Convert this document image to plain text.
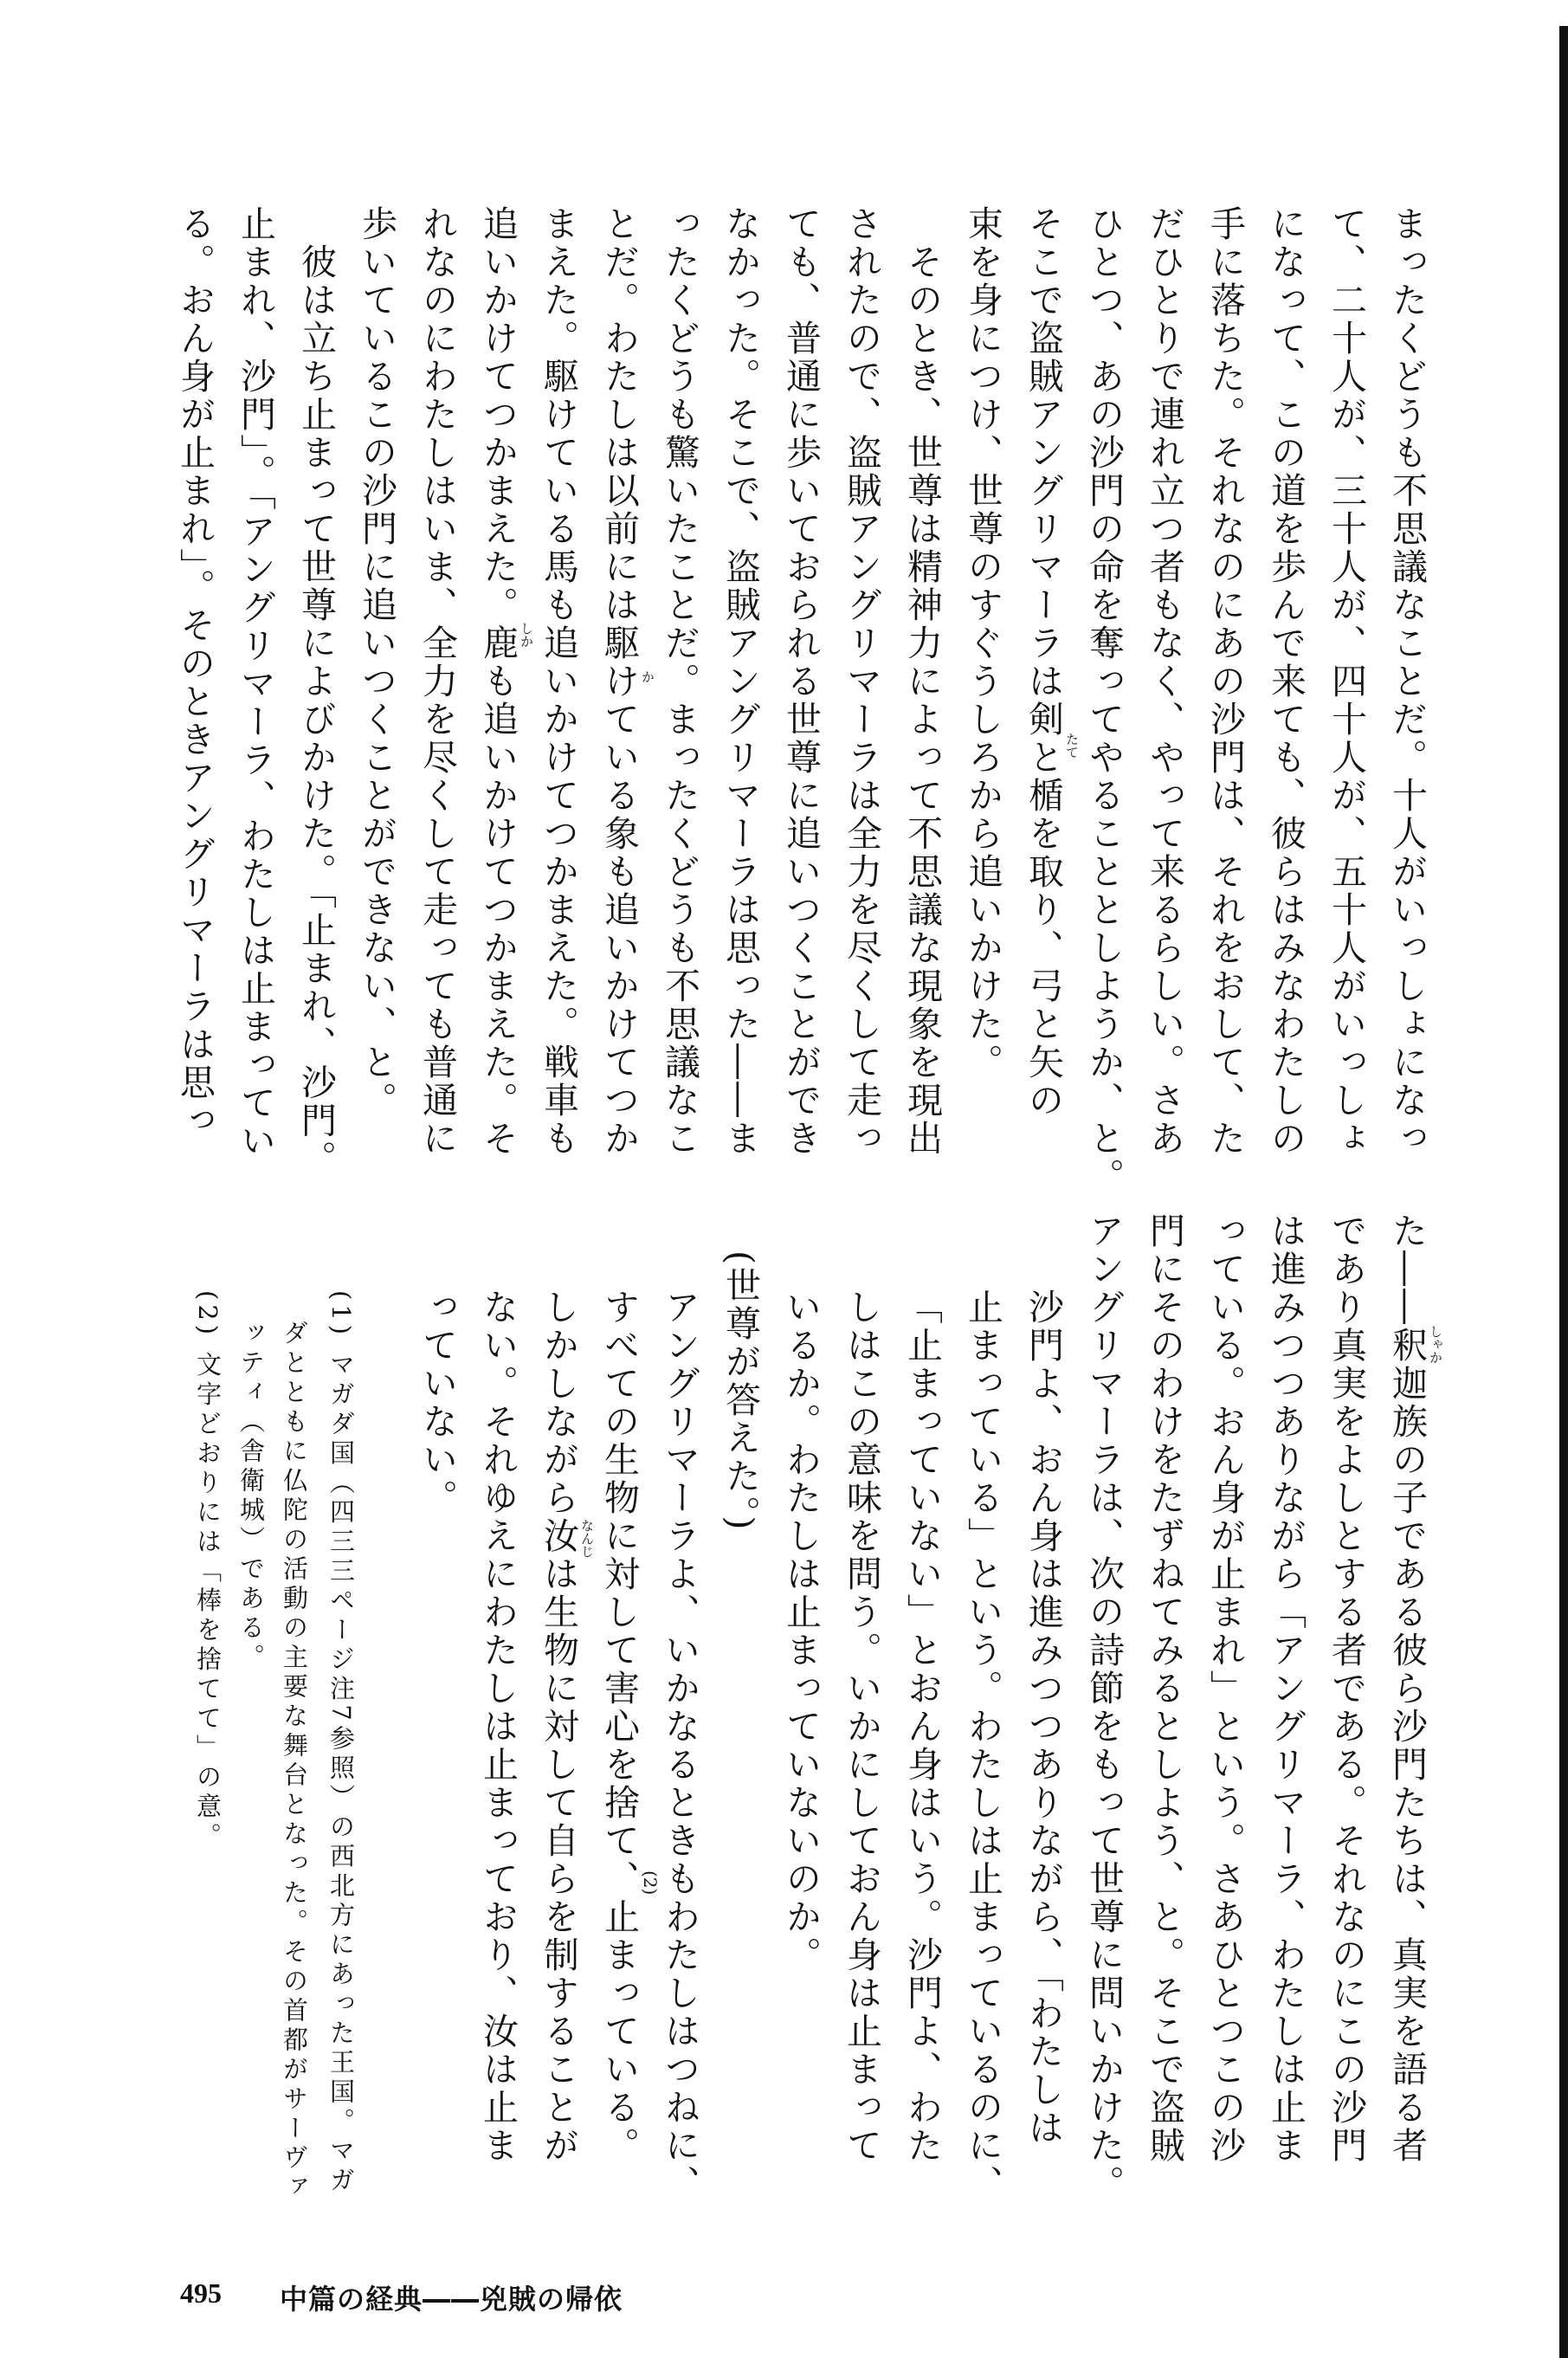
まったくどうも不思議なことだ。十人がいっしょになっ
て、二十人が、三十人が、四十人が、五十人がいっしょ
になって、この道を歩んで来ても、彼らはみなわたしの
手に落ちた。それなのにあの沙門は、それをおして、た
だひとりで連れ立つ者もなく、やって来るらしい。さあ
ひとつ、あの沙門の命を奪ってやることとしようか、と。
そこで盗賊アングリマーラは剣と楯を取り、弓と矢の
束を身につけ、世尊のすぐうしろから追いかけた。
　そのとき、世尊は精神力によって不思議な現象を現出
されたので、盗賊アングリマーラは全力を尽くして走っ
ても、普通に歩いておられる世尊に追いつくことができ
なかった。そこで、盗賊アングリマーラは思った――ま
ったくどうも驚いたことだ。まったくどうも不思議なこ
とだ。わたしは以前には駆けている象も追いかけてつか
まえた。駆けている馬も追いかけてつかまえた。戦車も
追いかけてつかまえた。鹿も追いかけてつかまえた。そ
れなのにわたしはいま、全力を尽くして走っても普通に
歩いているこの沙門に追いつくことができない、と。
　彼は立ち止まって世尊によびかけた。「止まれ、沙門。
止まれ、沙門」。「アングリマーラ、わたしは止まってい
る。おん身が止まれ」。そのときアングリマーラは思っ
た――釈迦族の子である彼ら沙門たちは、真実を語る者
であり真実をよしとする者である。それなのにこの沙門
は進みつつありながら「アングリマーラ、わたしは止ま
っている。おん身が止まれ」という。さあひとつこの沙
門にそのわけをたずねてみるとしよう、と。そこで盗賊
アングリマーラは、次の詩節をもって世尊に問いかけた。
沙門よ、おん身は進みつつありながら、「わたしは
止まっている」という。わたしは止まっているのに、
「止まっていない」とおん身はいう。沙門よ、わた
しはこの意味を問う。いかにしておん身は止まって
いるか。わたしは止まっていないのか。
(世尊が答えた。)
アングリマーラよ、いかなるときもわたしはつねに、
すべての生物に対して害心を捨て、止まっている。
しかしながら汝は生物に対して自らを制することが
ない。それゆえにわたしは止まっており、汝は止ま
っていない。
(1) マガダ国（四三三ページ注7参照）の西北方にあった王国。マガ
ダとともに仏陀の活動の主要な舞台となった。その首都がサーヴァ
ッティ（舎衛城）である。
(2) 文字どおりには「棒を捨てて」の意。
たて
か
しか
しゃか
なんじ
(2)
495 中篇の経典――兇賊の帰依
